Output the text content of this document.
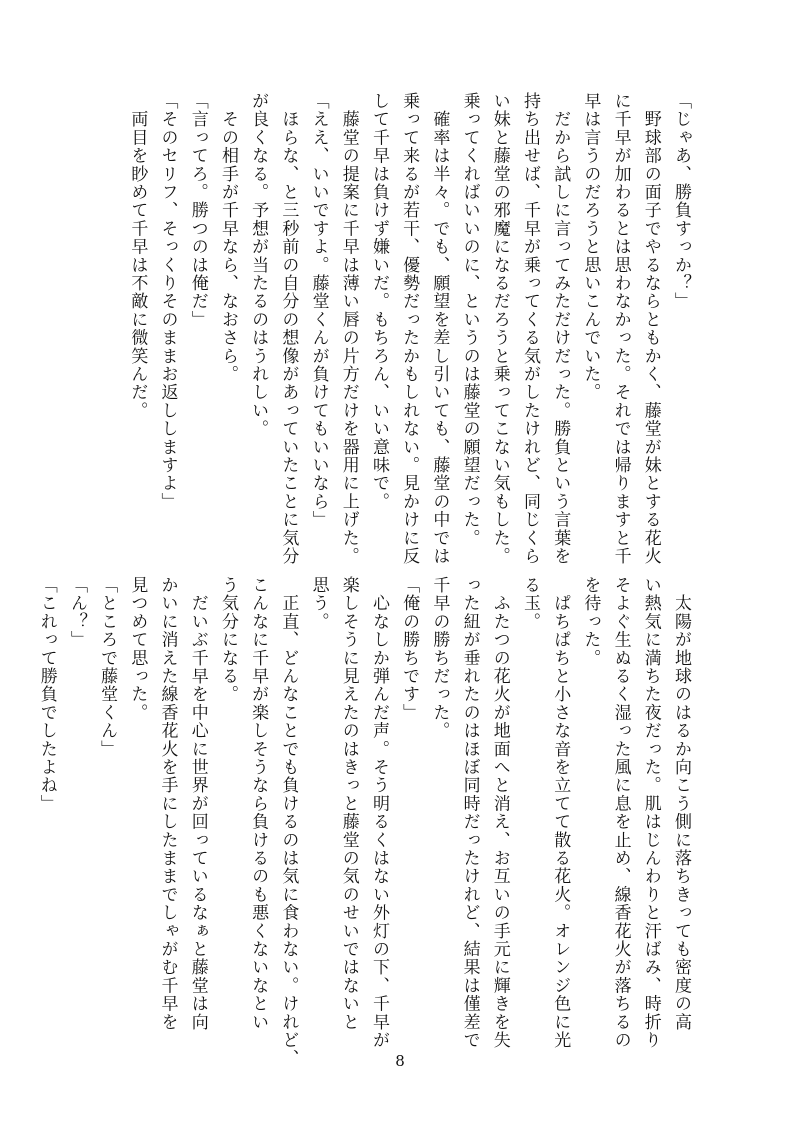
「じゃあ、勝負すっか？」
　野球部の面子でやるならともかく、藤堂が妹とする花火
に千早が加わるとは思わなかった。それでは帰りますと千
早は言うのだろうと思いこんでいた。
　だから試しに言ってみただけだった。勝負という言葉を
持ち出せば、千早が乗ってくる気がしたけれど、同じくら
い妹と藤堂の邪魔になるだろうと乗ってこない気もした。
乗ってくればいいのに、というのは藤堂の願望だった。
　確率は半々。でも、願望を差し引いても、藤堂の中では
乗って来るが若干、優勢だったかもしれない。見かけに反
して千早は負けず嫌いだ。もちろん、いい意味で。
　藤堂の提案に千早は薄い唇の片方だけを器用に上げた。
「ええ、いいですよ。藤堂くんが負けてもいいなら」
　ほらな、と三秒前の自分の想像があっていたことに気分
が良くなる。予想が当たるのはうれしい。
　その相手が千早なら、なおさら。
「言ってろ。勝つのは俺だ」
「そのセリフ、そっくりそのままお返ししますよ」
　両目を眇めて千早は不敵に微笑んだ。
　太陽が地球のはるか向こう側に落ちきっても密度の高
い熱気に満ちた夜だった。肌はじんわりと汗ばみ、時折り
そよぐ生ぬるく湿った風に息を止め、線香花火が落ちるの
を待った。
　ぱちぱちと小さな音を立てて散る花火。オレンジ色に光
る玉。
　ふたつの花火が地面へと消え、お互いの手元に輝きを失
った紐が垂れたのはほぼ同時だったけれど、結果は僅差で
千早の勝ちだった。
「俺の勝ちです」
　心なしか弾んだ声。そう明るくはない外灯の下、千早が
楽しそうに見えたのはきっと藤堂の気のせいではないと
思う。
　正直、どんなことでも負けるのは気に食わない。けれど、
こんなに千早が楽しそうなら負けるのも悪くないなとい
う気分になる。
　だいぶ千早を中心に世界が回っているなぁと藤堂は向
かいに消えた線香花火を手にしたままでしゃがむ千早を
見つめて思った。
「ところで藤堂くん」
「ん？」
「これって勝負でしたよね」
8
